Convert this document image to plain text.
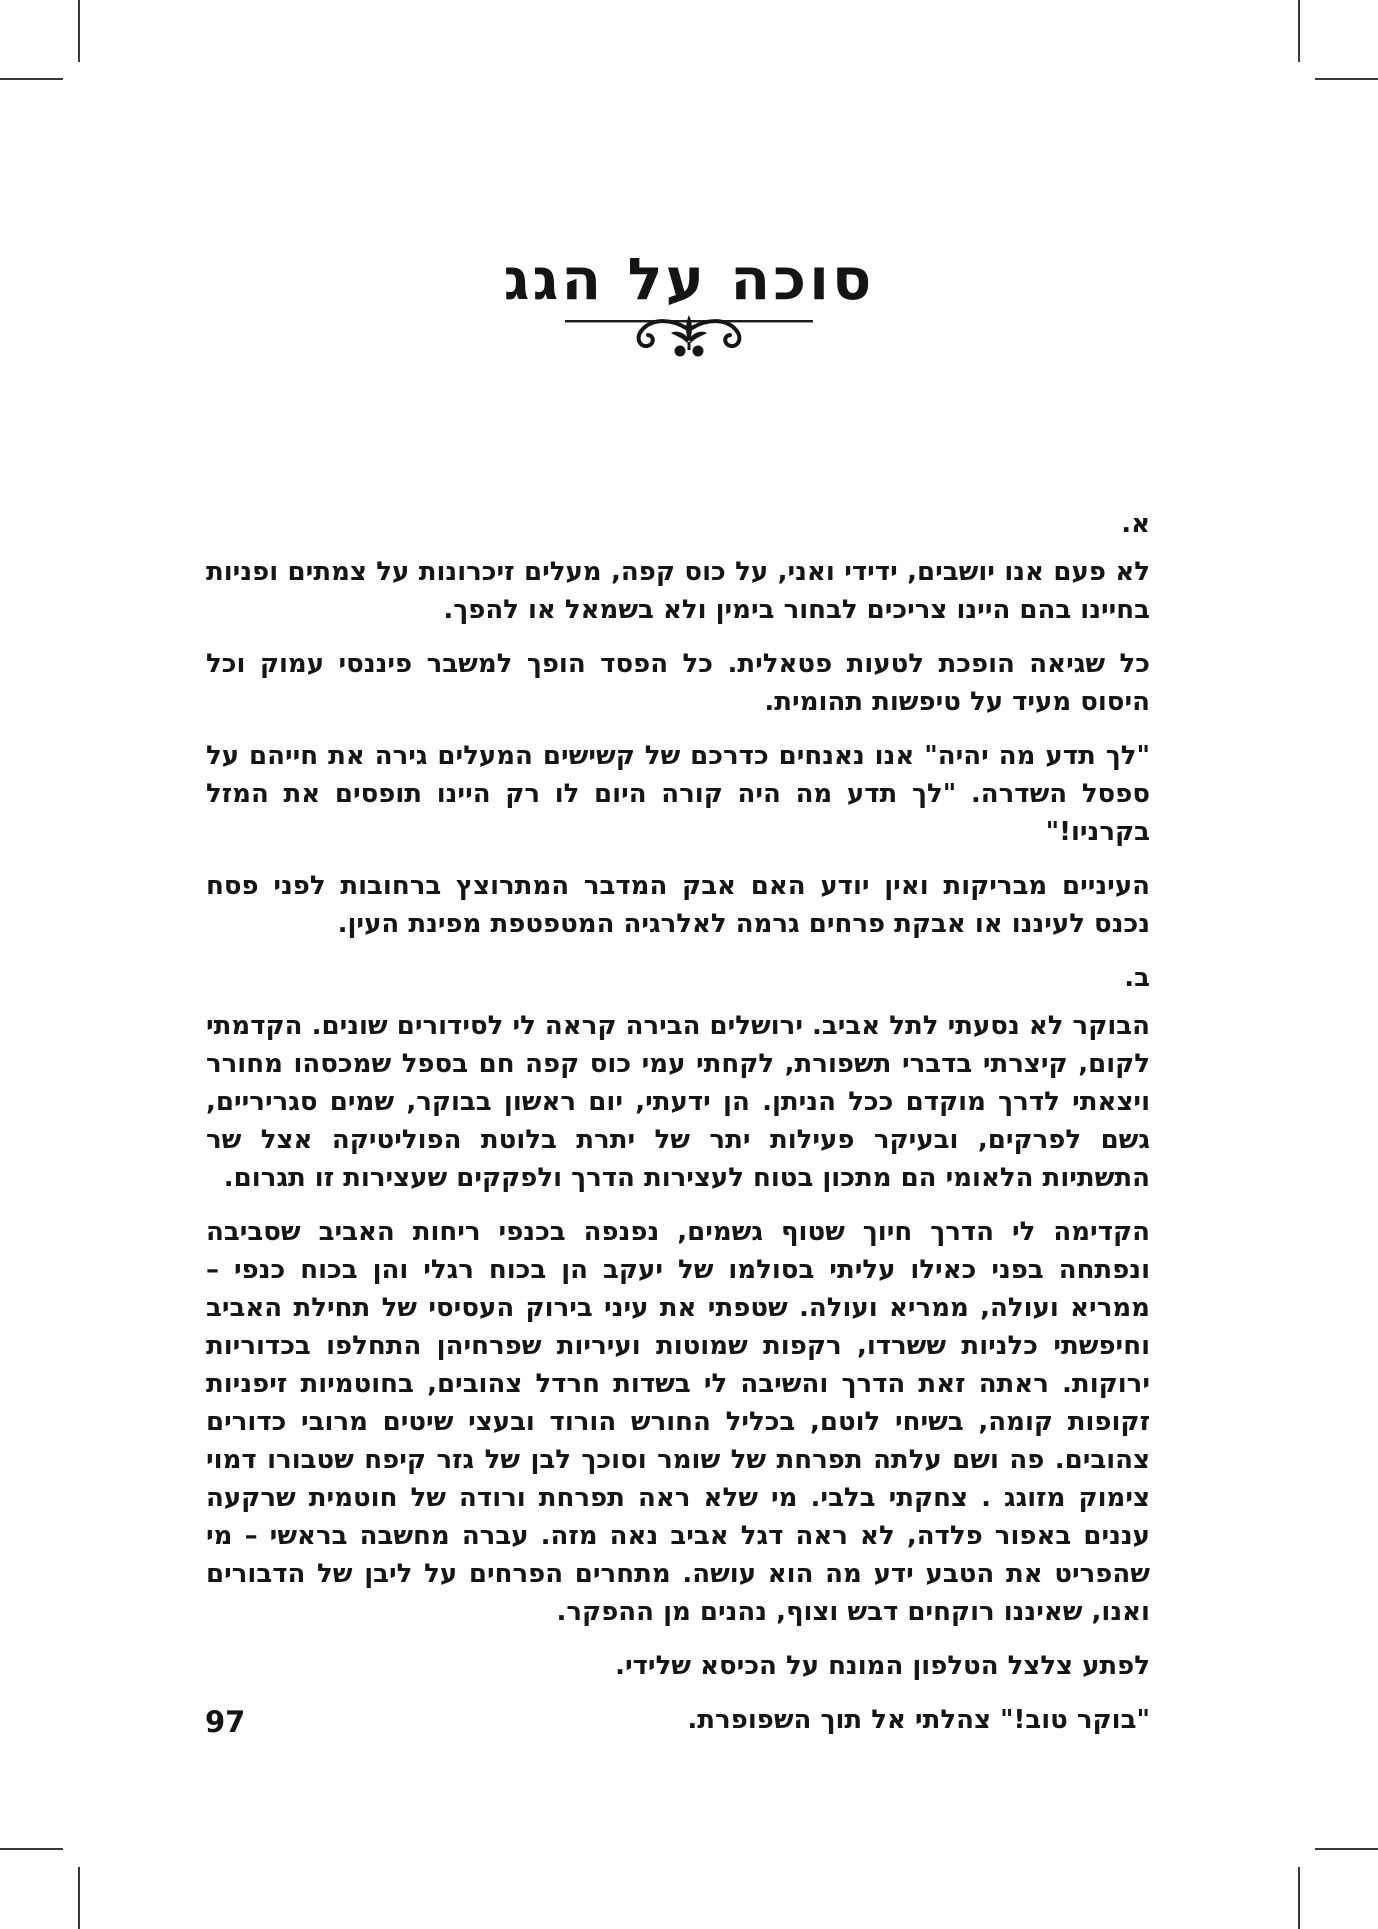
סוכה על הגג
א.

לא פעם אנו יושבים, ידידי ואני, על כוס קפה, מעלים זיכרונות על צמתים ופניות בחיינו בהם היינו צריכים לבחור בימין ולא בשמאל או להפך.

כל שגיאה הופכת לטעות פטאלית. כל הפסד הופך למשבר פיננסי עמוק וכל היסוס מעיד על טיפשות תהומית.

"לך תדע מה יהיה" אנו נאנחים כדרכם של קשישים המעלים גירה את חייהם על ספסל השדרה. "לך תדע מה היה קורה היום לו רק היינו תופסים את המזל בקרניו!"

העיניים מבריקות ואין יודע האם אבק המדבר המתרוצץ ברחובות לפני פסח נכנס לעיננו או אבקת פרחים גרמה לאלרגיה המטפטפת מפינת העין.

ב.

הבוקר לא נסעתי לתל אביב. ירושלים הבירה קראה לי לסידורים שונים. הקדמתי לקום, קיצרתי בדברי תשפורת, לקחתי עמי כוס קפה חם בספל שמכסהו מחורר ויצאתי לדרך מוקדם ככל הניתן. הן ידעתי, יום ראשון בבוקר, שמים סגריריים, גשם לפרקים, ובעיקר פעילות יתר של יתרת בלוטת הפוליטיקה אצל שר התשתיות הלאומי הם מתכון בטוח לעצירות הדרך ולפקקים שעצירות זו תגרום.

הקדימה לי הדרך חיוך שטוף גשמים, נפנפה בכנפי ריחות האביב שסביבה ונפתחה בפני כאילו עליתי בסולמו של יעקב הן בכוח רגלי והן בכוח כנפי – ממריא ועולה, ממריא ועולה. שטפתי את עיני בירוק העסיסי של תחילת האביב וחיפשתי כלניות ששרדו, רקפות שמוטות ועיריות שפרחיהן התחלפו בכדוריות ירוקות. ראתה זאת הדרך והשיבה לי בשדות חרדל צהובים, בחוטמיות זיפניות זקופות קומה, בשיחי לוטם, בכליל החורש הורוד ובעצי שיטים מרובי כדורים צהובים. פה ושם עלתה תפרחת של שומר וסוכך לבן של גזר קיפח שטבורו דמוי צימוק מזוגג . צחקתי בלבי. מי שלא ראה תפרחת ורודה של חוטמית שרקעה עננים באפור פלדה, לא ראה דגל אביב נאה מזה. עברה מחשבה בראשי – מי שהפריט את הטבע ידע מה הוא עושה. מתחרים הפרחים על ליבן של הדבורים ואנו, שאיננו רוקחים דבש וצוף, נהנים מן ההפקר.

לפתע צלצל הטלפון המונח על הכיסא שלידי.

"בוקר טוב!" צהלתי אל תוך השפופרת.

97
